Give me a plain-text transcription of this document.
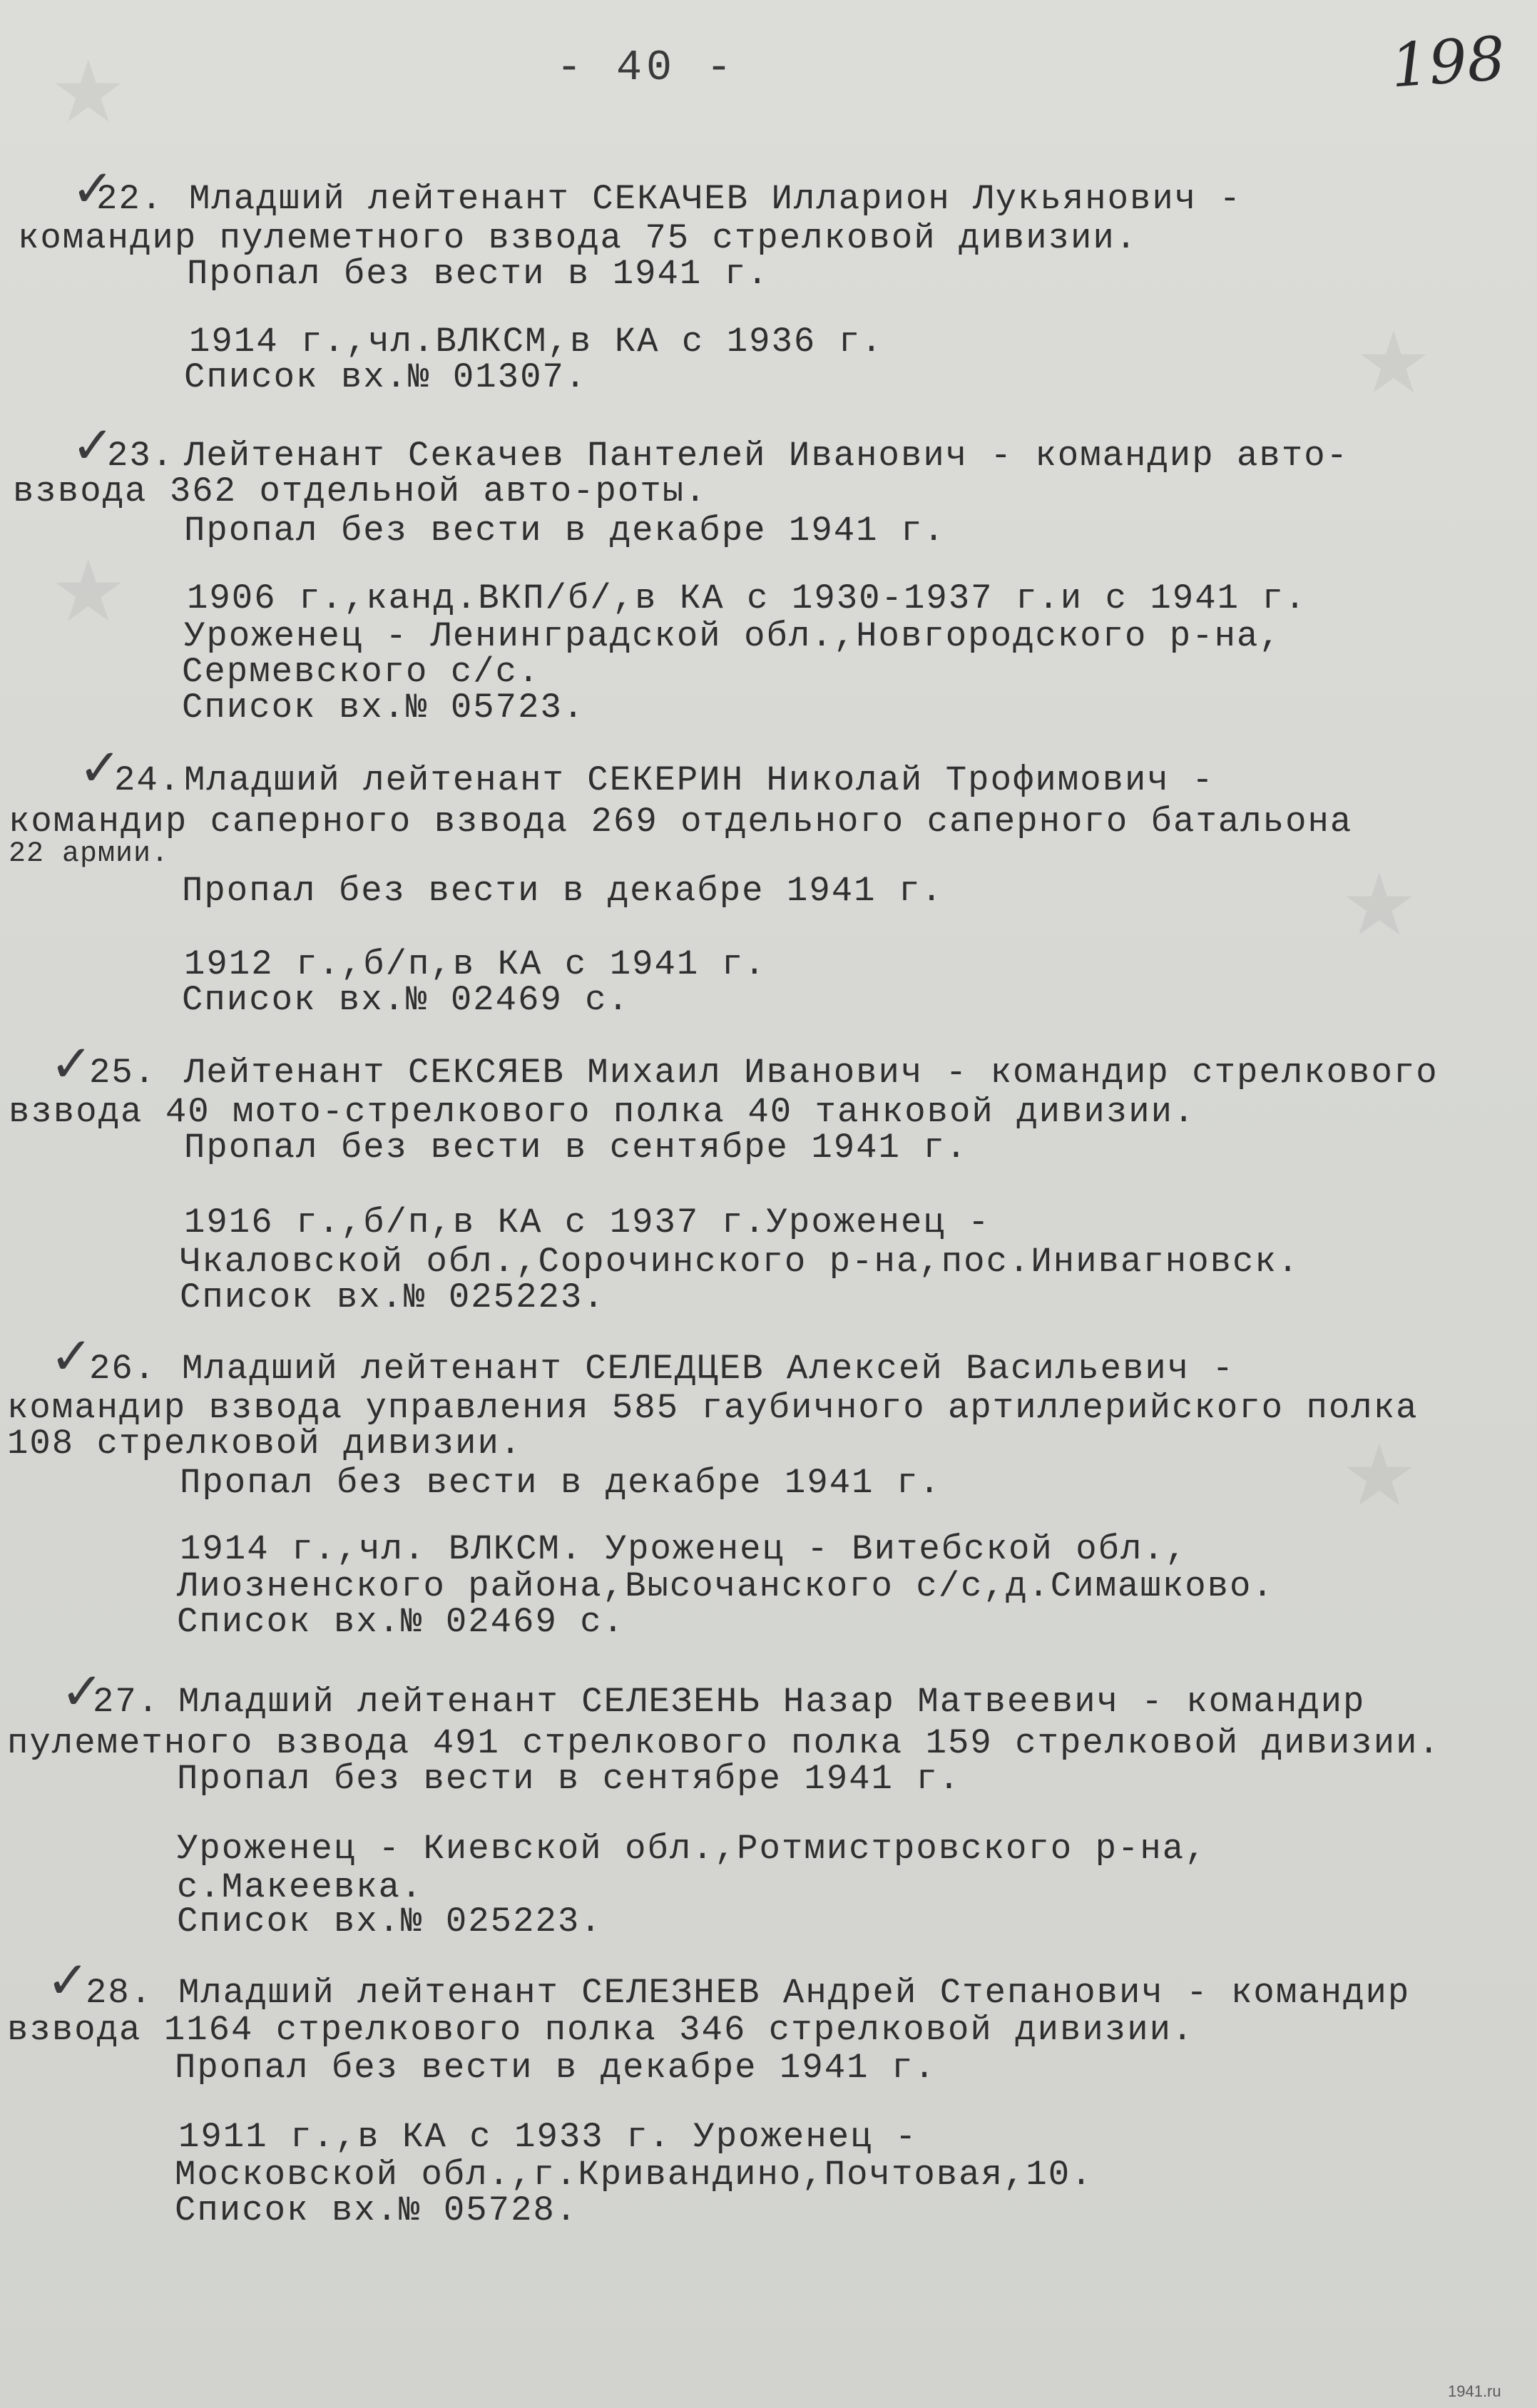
- 40 -	198
★
★
★
★
★
✓
22. Младший лейтенант СЕКАЧЕВ Илларион Лукьянович -
командир пулеметного взвода 75 стрелковой дивизии.
Пропал без вести в 1941 г.
1914 г.,чл.ВЛКСМ,в КА с 1936 г.
Список вх.№ 01307.
✓
23. Лейтенант Секачев Пантелей Иванович - командир авто-
взвода 362 отдельной авто-роты.
Пропал без вести в декабре 1941 г.
1906 г.,канд.ВКП/б/,в КА с 1930-1937 г.и с 1941 г.
Уроженец - Ленинградской обл.,Новгородского р-на,
Сермевского с/с.
Список вх.№ 05723.
✓
24. Младший лейтенант СЕКЕРИН Николай Трофимович -
командир саперного взвода 269 отдельного саперного батальона
22 армии.
Пропал без вести в декабре 1941 г.
1912 г.,б/п,в КА с 1941 г.
Список вх.№ 02469 с.
✓
25. Лейтенант СЕКСЯЕВ Михаил Иванович - командир стрелкового
взвода 40 мото-стрелкового полка 40 танковой дивизии.
Пропал без вести в сентябре 1941 г.
1916 г.,б/п,в КА с 1937 г.Уроженец -
Чкаловской обл.,Сорочинского р-на,пос.Инивагновск.
Список вх.№ 025223.
✓
26. Младший лейтенант СЕЛЕДЦЕВ Алексей Васильевич -
командир взвода управления 585 гаубичного артиллерийского полка
108 стрелковой дивизии.
Пропал без вести в декабре 1941 г.
1914 г.,чл. ВЛКСМ. Уроженец - Витебской обл.,
Лиозненского района,Высочанского с/с,д.Симашково.
Список вх.№ 02469 с.
✓
27. Младший лейтенант СЕЛЕЗЕНЬ Назар Матвеевич - командир
пулеметного взвода 491 стрелкового полка 159 стрелковой дивизии.
Пропал без вести в сентябре 1941 г.
Уроженец - Киевской обл.,Ротмистровского р-на,
с.Макеевка.
Список вх.№ 025223.
✓
28. Младший лейтенант СЕЛЕЗНЕВ Андрей Степанович - командир
взвода 1164 стрелкового полка 346 стрелковой дивизии.
Пропал без вести в декабре 1941 г.
1911 г.,в КА с 1933 г. Уроженец -
Московской обл.,г.Кривандино,Почтовая,10.
Список вх.№ 05728.
1941.ru
